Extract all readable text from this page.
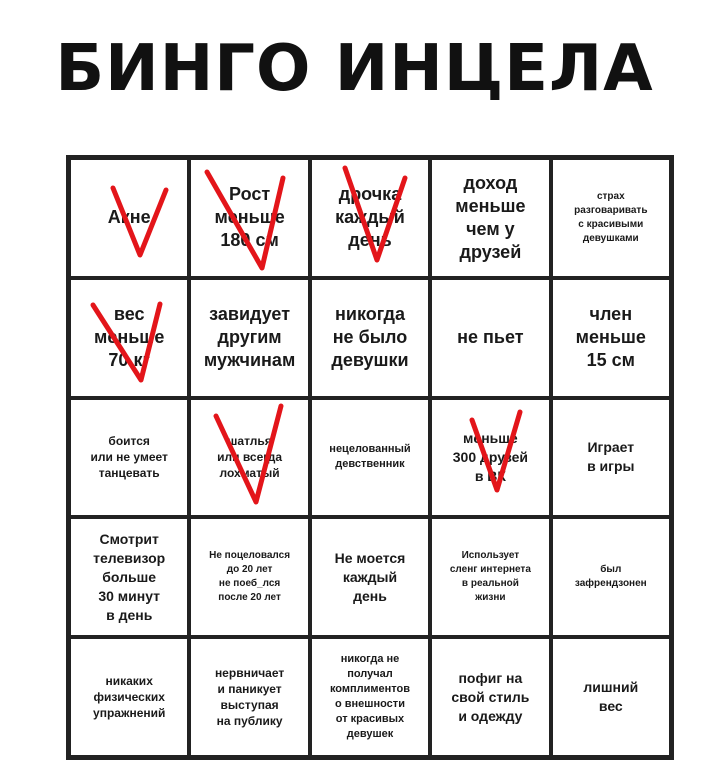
БИНГО ИНЦЕЛА
Акне
Рост
меньше
180 см
дрочка
каждый
день
доход
меньше
чем у
друзей
страх
разговаривать
с красивыми
девушками
вес
меньше
70 кг
завидует
другим
мужчинам
никогда
не было
девушки
не пьет
член
меньше
15 см
боится
или не умеет
танцевать
шатлья
или всегда
лохматый
нецелованный
девственник
меньше
300 друзей
в ВК
Играет
в игры
Смотрит
телевизор
больше
30 минут
в день
Не поцеловался
до 20 лет
не поеб_лся
после 20 лет
Не моется
каждый
день
Использует
сленг интернета
в реальной
жизни
был
зафрендзонен
никаких
физических
упражнений
нервничает
и паникует
выступая
на публику
никогда не
получал
комплиментов
о внешности
от красивых
девушек
пофиг на
свой стиль
и одежду
лишний
вес
